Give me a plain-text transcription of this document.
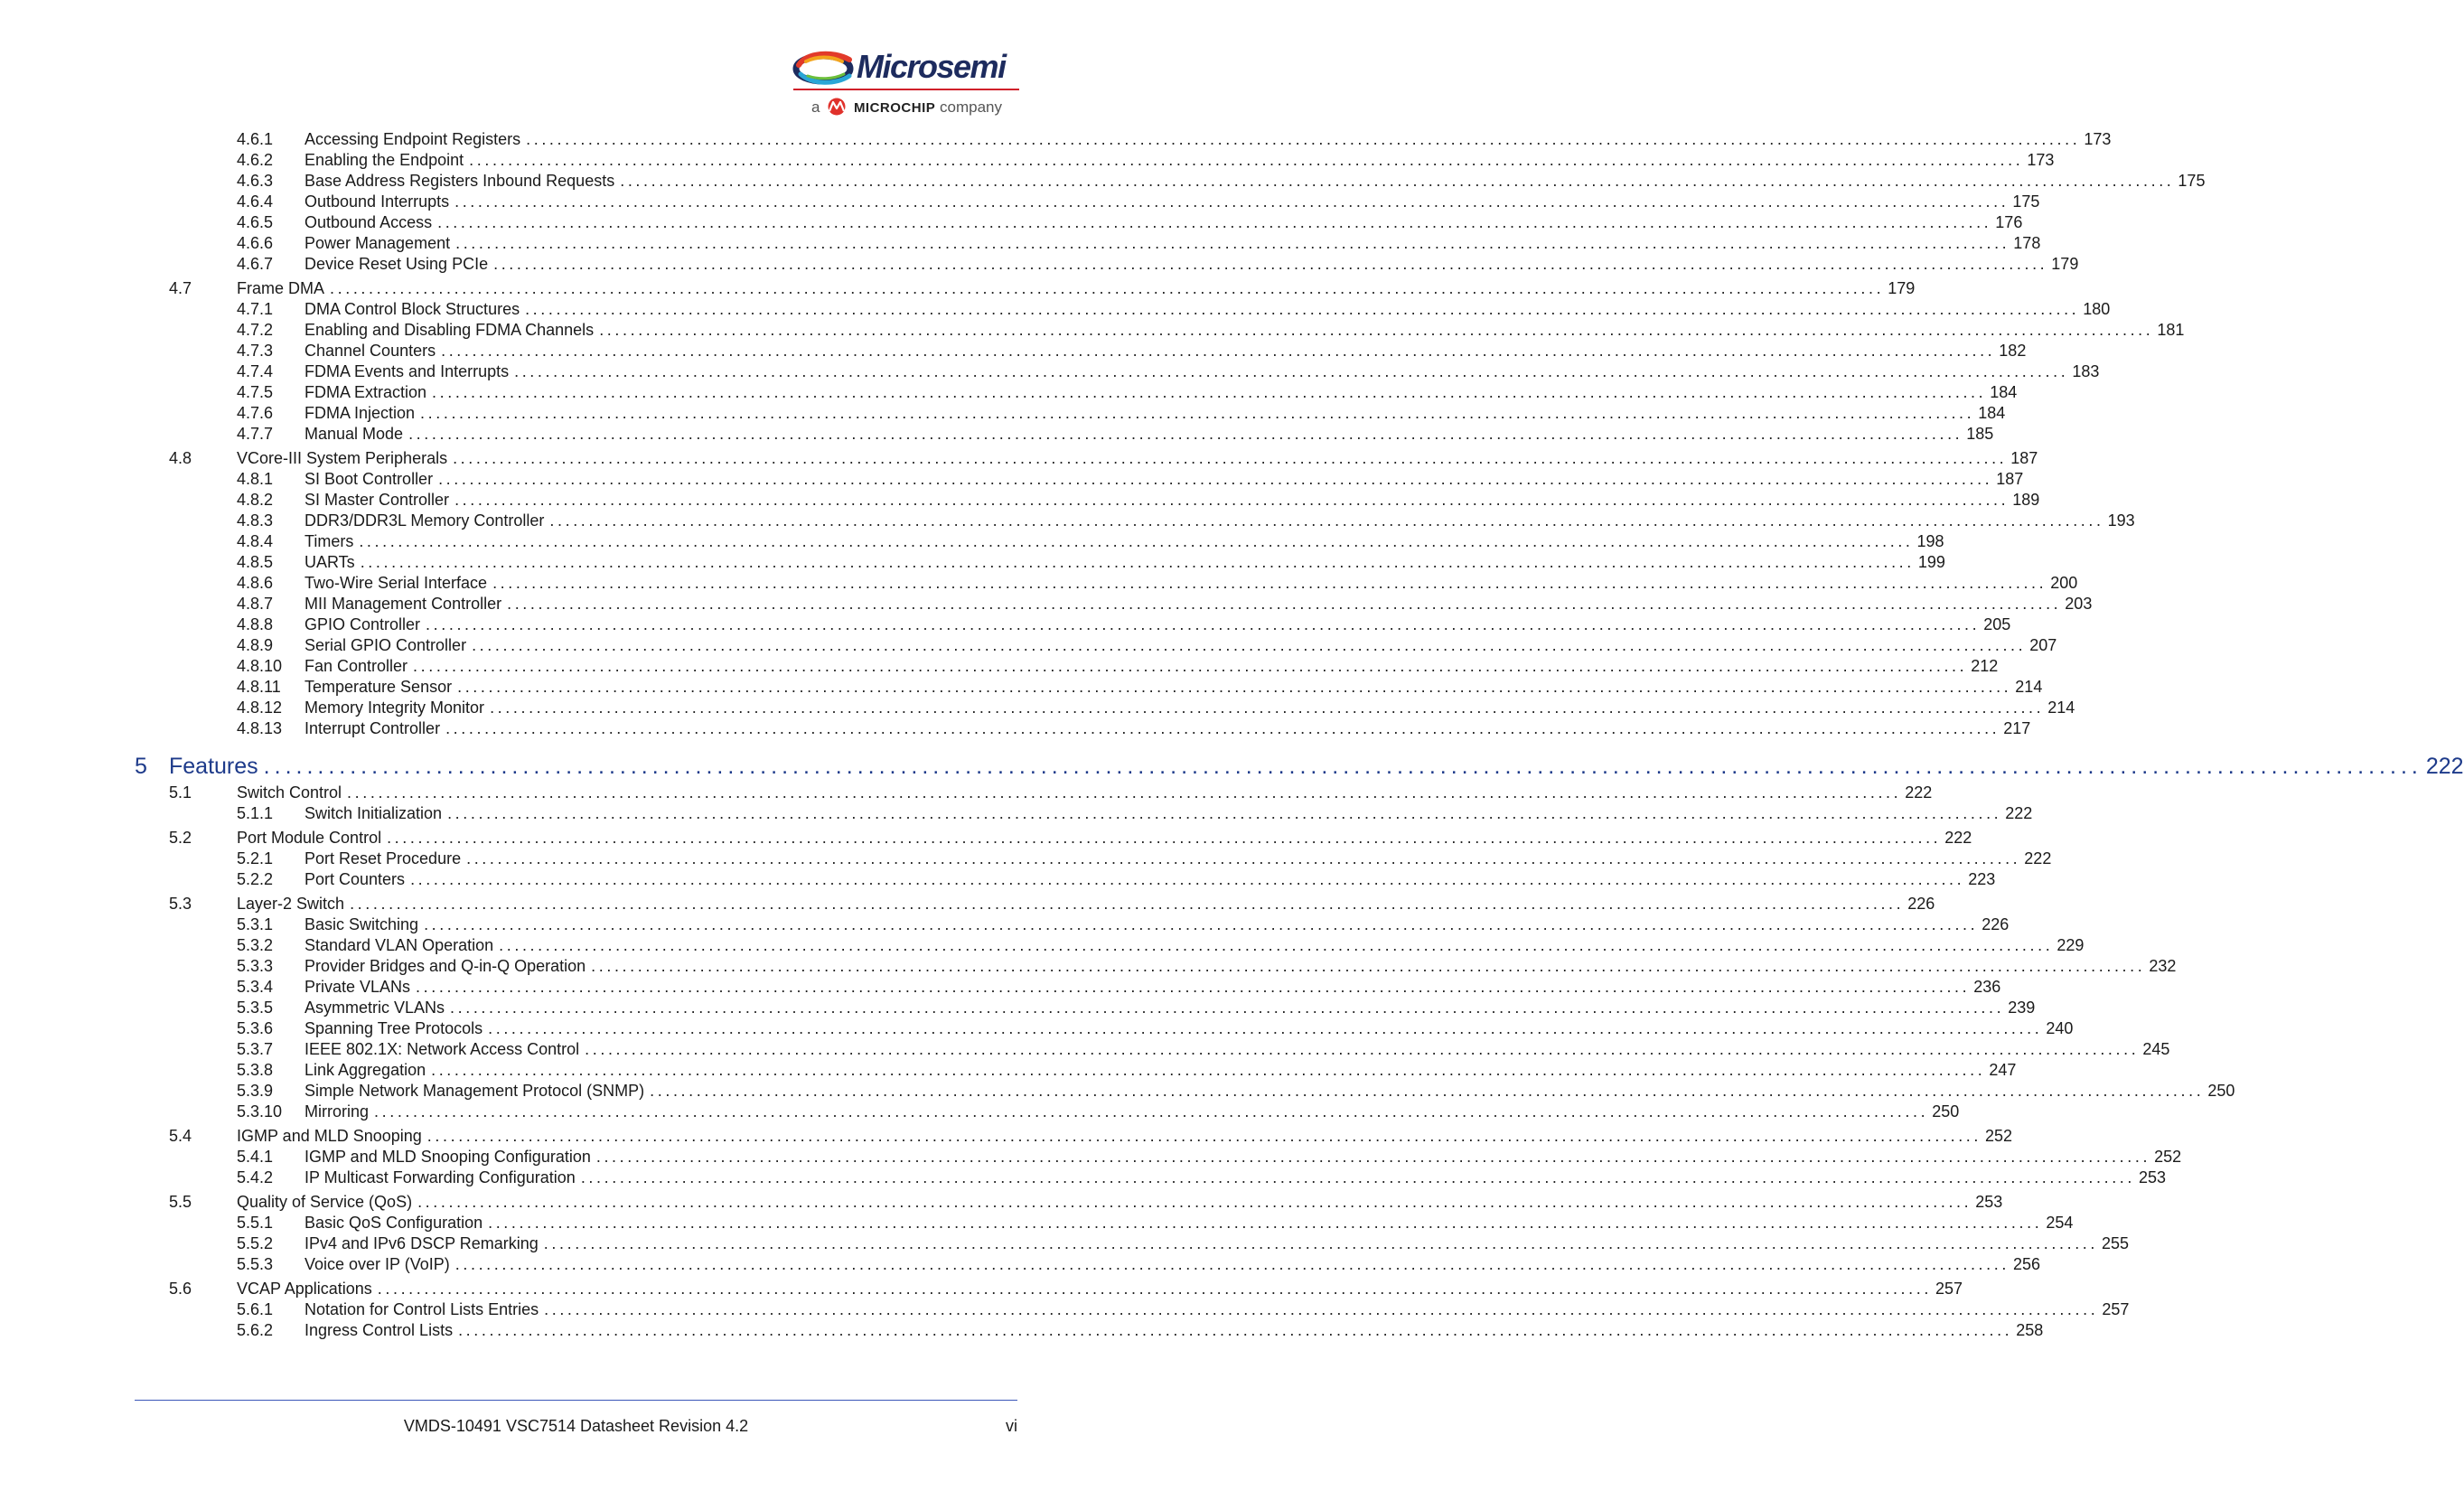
Microsemi
a MICROCHIP company
4.6.1 Accessing Endpoint Registers ........................................................................................................................................................................................................ 173
4.6.2 Enabling the Endpoint ........................................................................................................................................................................................................ 173
4.6.3 Base Address Registers Inbound Requests ........................................................................................................................................................................................................ 175
4.6.4 Outbound Interrupts ........................................................................................................................................................................................................ 175
4.6.5 Outbound Access ........................................................................................................................................................................................................ 176
4.6.6 Power Management ........................................................................................................................................................................................................ 178
4.6.7 Device Reset Using PCIe ........................................................................................................................................................................................................ 179
4.7	Frame DMA ........................................................................................................................................................................................................ 179
4.7.1 DMA Control Block Structures ........................................................................................................................................................................................................ 180
4.7.2 Enabling and Disabling FDMA Channels ........................................................................................................................................................................................................ 181
4.7.3 Channel Counters ........................................................................................................................................................................................................ 182
4.7.4 FDMA Events and Interrupts ........................................................................................................................................................................................................ 183
4.7.5 FDMA Extraction ........................................................................................................................................................................................................ 184
4.7.6 FDMA Injection ........................................................................................................................................................................................................ 184
4.7.7 Manual Mode ........................................................................................................................................................................................................ 185
4.8	VCore-III System Peripherals ........................................................................................................................................................................................................ 187
4.8.1 SI Boot Controller ........................................................................................................................................................................................................ 187
4.8.2 SI Master Controller ........................................................................................................................................................................................................ 189
4.8.3 DDR3/DDR3L Memory Controller ........................................................................................................................................................................................................ 193
4.8.4 Timers ........................................................................................................................................................................................................ 198
4.8.5 UARTs ........................................................................................................................................................................................................ 199
4.8.6 Two-Wire Serial Interface ........................................................................................................................................................................................................ 200
4.8.7 MII Management Controller ........................................................................................................................................................................................................ 203
4.8.8 GPIO Controller ........................................................................................................................................................................................................ 205
4.8.9 Serial GPIO Controller ........................................................................................................................................................................................................ 207
4.8.10 Fan Controller ........................................................................................................................................................................................................ 212
4.8.11 Temperature Sensor ........................................................................................................................................................................................................ 214
4.8.12 Memory Integrity Monitor ........................................................................................................................................................................................................ 214
4.8.13 Interrupt Controller ........................................................................................................................................................................................................ 217
5 Features ........................................................................................................................................................................................................ 222
5.1	Switch Control ........................................................................................................................................................................................................ 222
5.1.1 Switch Initialization ........................................................................................................................................................................................................ 222
5.2	Port Module Control ........................................................................................................................................................................................................ 222
5.2.1 Port Reset Procedure ........................................................................................................................................................................................................ 222
5.2.2 Port Counters ........................................................................................................................................................................................................ 223
5.3	Layer-2 Switch ........................................................................................................................................................................................................ 226
5.3.1 Basic Switching ........................................................................................................................................................................................................ 226
5.3.2 Standard VLAN Operation ........................................................................................................................................................................................................ 229
5.3.3 Provider Bridges and Q-in-Q Operation ........................................................................................................................................................................................................ 232
5.3.4 Private VLANs ........................................................................................................................................................................................................ 236
5.3.5 Asymmetric VLANs ........................................................................................................................................................................................................ 239
5.3.6 Spanning Tree Protocols ........................................................................................................................................................................................................ 240
5.3.7 IEEE 802.1X: Network Access Control ........................................................................................................................................................................................................ 245
5.3.8 Link Aggregation ........................................................................................................................................................................................................ 247
5.3.9 Simple Network Management Protocol (SNMP) ........................................................................................................................................................................................................ 250
5.3.10 Mirroring ........................................................................................................................................................................................................ 250
5.4	IGMP and MLD Snooping ........................................................................................................................................................................................................ 252
5.4.1 IGMP and MLD Snooping Configuration ........................................................................................................................................................................................................ 252
5.4.2 IP Multicast Forwarding Configuration ........................................................................................................................................................................................................ 253
5.5	Quality of Service (QoS) ........................................................................................................................................................................................................ 253
5.5.1 Basic QoS Configuration ........................................................................................................................................................................................................ 254
5.5.2 IPv4 and IPv6 DSCP Remarking ........................................................................................................................................................................................................ 255
5.5.3 Voice over IP (VoIP) ........................................................................................................................................................................................................ 256
5.6	VCAP Applications ........................................................................................................................................................................................................ 257
5.6.1 Notation for Control Lists Entries ........................................................................................................................................................................................................ 257
5.6.2 Ingress Control Lists ........................................................................................................................................................................................................ 258
VMDS-10491 VSC7514 Datasheet Revision 4.2	vi
